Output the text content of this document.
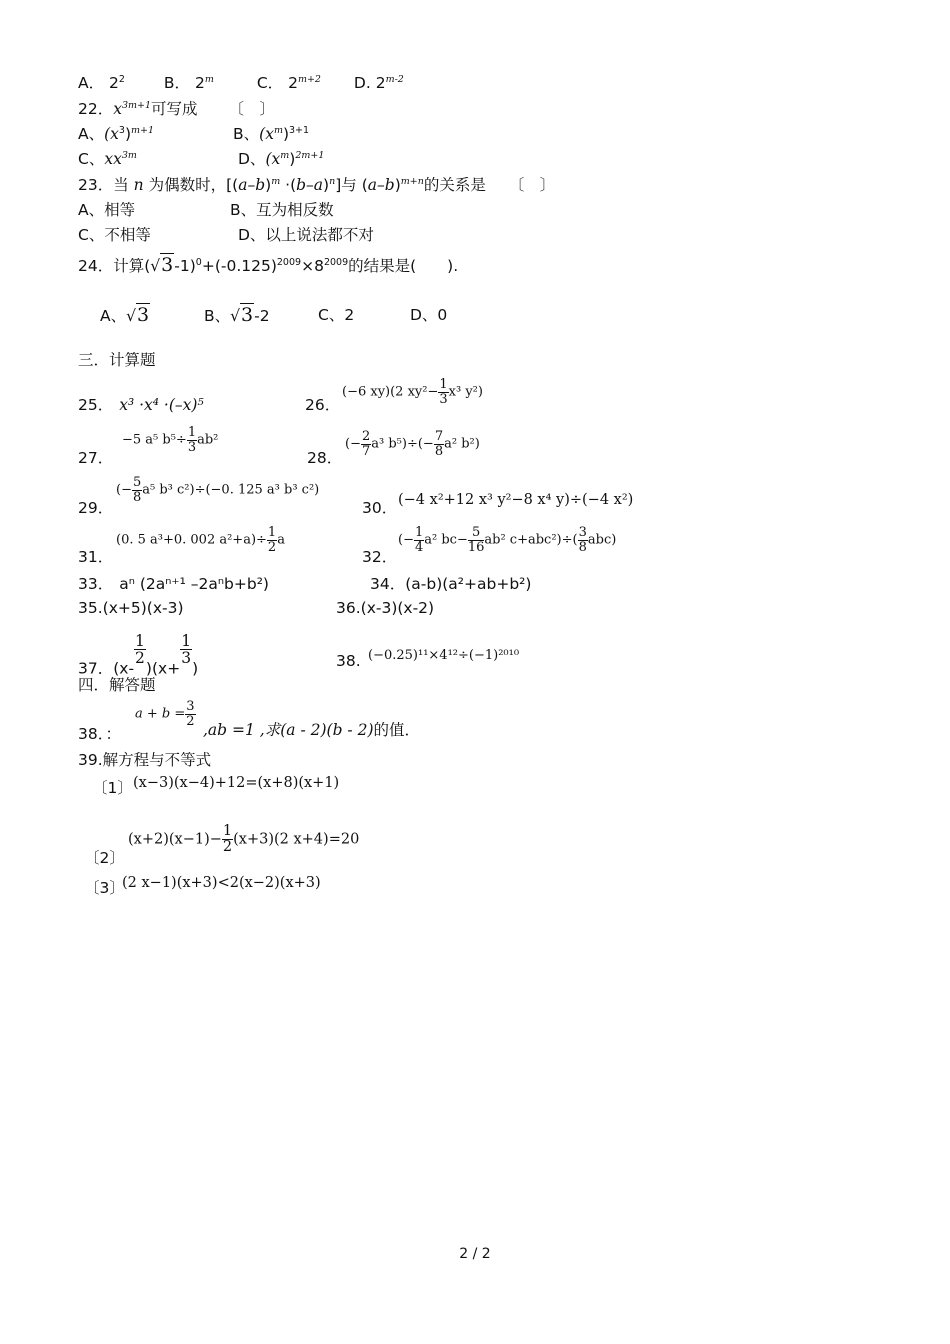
A． $2^2$	B． 2$^m$	C． $2^{m+2}$ D. 2$^{m-2}$
22．$x^{3m+1}$可写成 〔　〕
A、$(x^3)^{m+1}$	B、$(x^m)^{3+1}$
C、$xx^{3m}$	D、$(x^m)^{2m+1}$
23．当 n 为偶数时，$[(a-b)^m \cdot(b-a)^n]$与 $(a-b)^{m+n}$的关系是 〔　〕
A、相等	B、互为相反数
C、不相等	D、以上说法都不对
24．计算$(√3-1)^0+(-0.125)^{2009}\times 8^{2009}$的结果是(　　).
A、√3	B、√3-2	C、2	D、0
三．计算题
25． x³ ·x⁴ ·(–x)⁵	26．
(−6 xy)(2 $xy^2- \frac{1}{3} x^3$ y²)
27．
−5 a⁵ $b^5\div \frac{1}{3} ab^2$
28．
(− $\frac{2}{7} a^3$ $b^5)\div(- \frac{7}{8} a^2$ b²)
29．
(− $\frac{5}{8} a^5$ b³ c²)÷(−0. 125 a³ b³ c²)
30． (−4 x²+12 x³ y²−8 x⁴ y)÷(−4 x²)
31．
(0. 5 a³+0. 002 $a^2+a)\div \frac{1}{2}$ a
32．
(− $\frac{1}{4} a^2$ $bc- \frac{5}{16} ab^2$ $c+abc^2)\div( \frac{3}{8} abc)$
33． aⁿ (2aⁿ⁺¹ –2aⁿb+b²)	34．(a-b)(a²+ab+b²)
35.(x+5)(x-3)	36.(x-3)(x-2)
37．(x-
$\frac{1}{2}$
)(x+
$\frac{1}{3}$
)	38. (−0.25)¹¹×4¹²÷(−1)²⁰¹⁰
四．解答题
38．：
$a + b = \frac{3}{2}$
,ab =1 ,求(a - 2)(b - 2)的值．
39.解方程与不等式
〔1〕 (x−3)(x−4)+12=(x+8)(x+1)
〔2〕
$(x+2)(x-1)- \frac{1}{2} (x+3)(2$ x+4)=20
〔3〕
(2 x−1)(x+3)<2(x−2)(x+3)
2 / 2
